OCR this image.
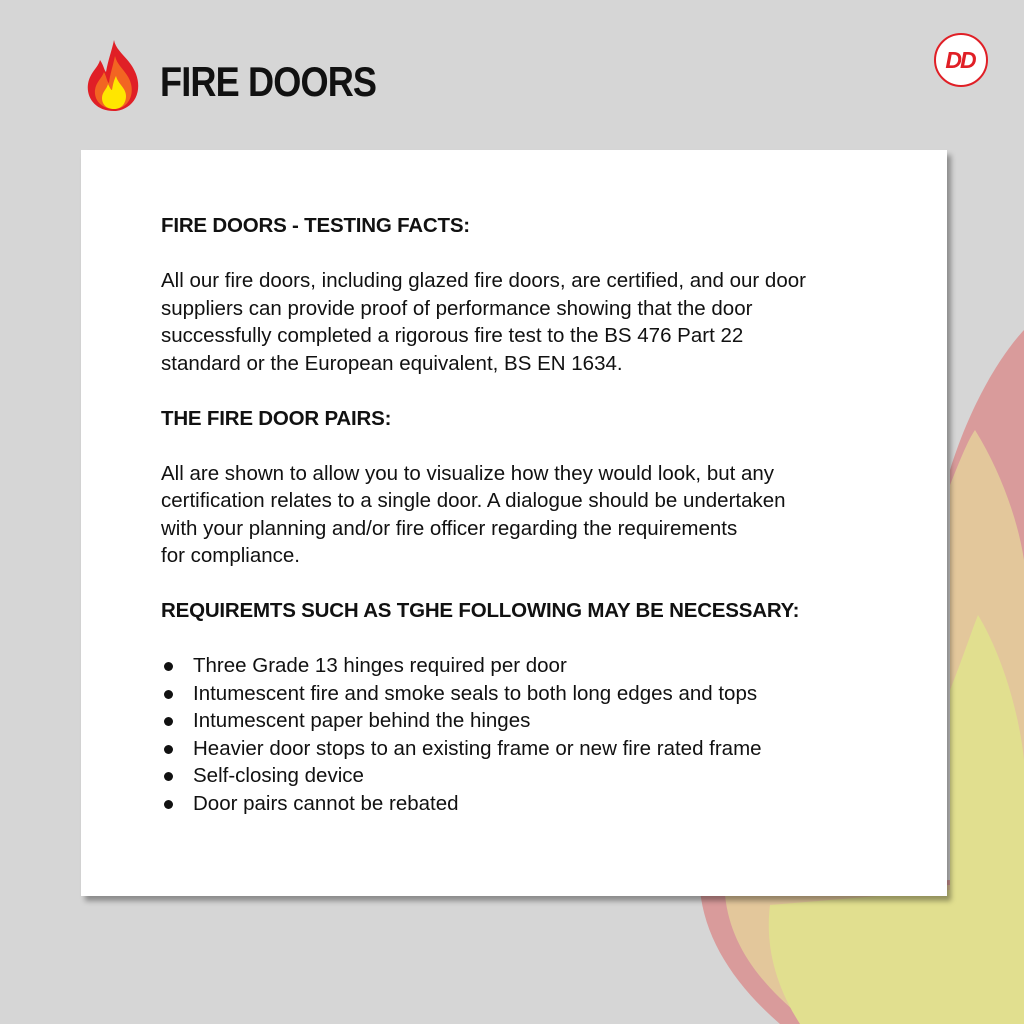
FIRE DOORS	DD
FIRE DOORS - TESTING FACTS:
All our fire doors, including glazed fire doors, are certified, and our door
suppliers can provide proof of performance showing that the door
successfully completed a rigorous fire test to the BS 476 Part 22
standard or the European equivalent, BS EN 1634.
THE FIRE DOOR PAIRS:
All are shown to allow you to visualize how they would look, but any
certification relates to a single door. A dialogue should be undertaken
with your planning and/or fire officer regarding the requirements
for compliance.
REQUIREMTS SUCH AS TGHE FOLLOWING MAY BE NECESSARY:
Three Grade 13 hinges required per door
Intumescent fire and smoke seals to both long edges and tops
Intumescent paper behind the hinges
Heavier door stops to an existing frame or new fire rated frame
Self-closing device
Door pairs cannot be rebated
